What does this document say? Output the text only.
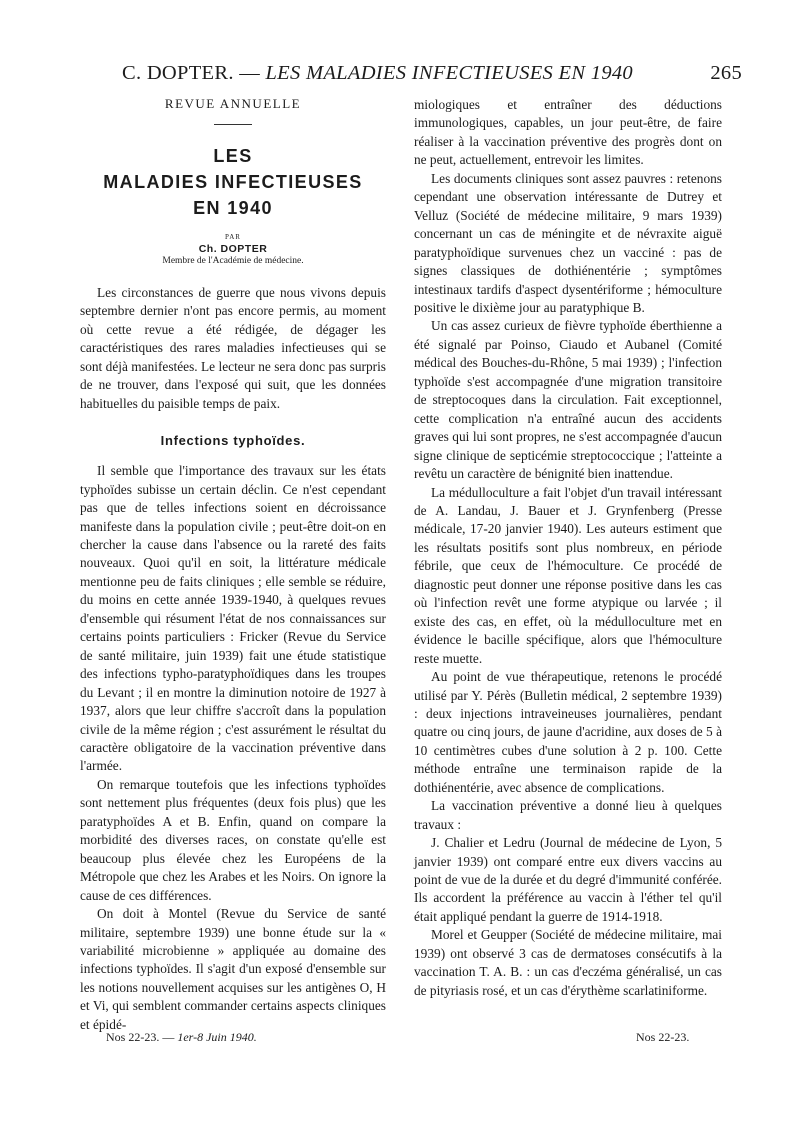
C. DOPTER. — LES MALADIES INFECTIEUSES EN 1940	265

REVUE ANNUELLE

LES

MALADIES INFECTIEUSES

EN 1940

PAR

Ch. DOPTER

Membre de l'Académie de médecine.

Les circonstances de guerre que nous vivons depuis septembre dernier n'ont pas encore permis, au moment où cette revue a été rédigée, de dégager les caractéristiques des rares maladies infectieuses qui se sont déjà manifestées. Le lecteur ne sera donc pas surpris de ne trouver, dans l'exposé qui suit, que les données habituelles du paisible temps de paix.

Infections typhoïdes.

Il semble que l'importance des travaux sur les états typhoïdes subisse un certain déclin. Ce n'est cependant pas que de telles infections soient en décroissance manifeste dans la population civile ; peut-être doit-on en chercher la cause dans l'absence ou la rareté des faits nouveaux. Quoi qu'il en soit, la littérature médicale mentionne peu de faits cliniques ; elle semble se réduire, du moins en cette année 1939-1940, à quelques revues d'ensemble qui résument l'état de nos connaissances sur certains points particuliers : Fricker (Revue du Service de santé militaire, juin 1939) fait une étude statistique des infections typho-paratyphoïdiques dans les troupes du Levant ; il en montre la diminution notoire de 1927 à 1937, alors que leur chiffre s'accroît dans la population civile de la même région ; c'est assurément le résultat du caractère obligatoire de la vaccination préventive dans l'armée.

On remarque toutefois que les infections typhoïdes sont nettement plus fréquentes (deux fois plus) que les paratyphoïdes A et B. Enfin, quand on compare la morbidité des diverses races, on constate qu'elle est beaucoup plus élevée chez les Européens de la Métropole que chez les Arabes et les Noirs. On ignore la cause de ces différences.

On doit à Montel (Revue du Service de santé militaire, septembre 1939) une bonne étude sur la « variabilité microbienne » appliquée au domaine des infections typhoïdes. Il s'agit d'un exposé d'ensemble sur les notions nouvellement acquises sur les antigènes O, H et Vi, qui semblent commander certains aspects cliniques et épidé-

miologiques et entraîner des déductions immunologiques, capables, un jour peut-être, de faire réaliser à la vaccination préventive des progrès dont on ne peut, actuellement, entrevoir les limites.

Les documents cliniques sont assez pauvres : retenons cependant une observation intéressante de Dutrey et Velluz (Société de médecine militaire, 9 mars 1939) concernant un cas de méningite et de névraxite aiguë paratyphoïdique survenues chez un vacciné : pas de signes classiques de dothiénentérie ; symptômes intestinaux tardifs d'aspect dysentériforme ; hémoculture positive le dixième jour au paratyphique B.

Un cas assez curieux de fièvre typhoïde éberthienne a été signalé par Poinso, Ciaudo et Aubanel (Comité médical des Bouches-du-Rhône, 5 mai 1939) ; l'infection typhoïde s'est accompagnée d'une migration transitoire de streptocoques dans la circulation. Fait exceptionnel, cette complication n'a entraîné aucun des accidents graves qui lui sont propres, ne s'est accompagnée d'aucun signe clinique de septicémie streptococcique ; l'atteinte a revêtu un caractère de bénignité bien inattendue.

La médulloculture a fait l'objet d'un travail intéressant de A. Landau, J. Bauer et J. Grynfenberg (Presse médicale, 17-20 janvier 1940). Les auteurs estiment que les résultats positifs sont plus nombreux, en période fébrile, que ceux de l'hémoculture. Ce procédé de diagnostic peut donner une réponse positive dans les cas où l'infection revêt une forme atypique ou larvée ; il existe des cas, en effet, où la médulloculture met en évidence le bacille spécifique, alors que l'hémoculture reste muette.

Au point de vue thérapeutique, retenons le procédé utilisé par Y. Pérès (Bulletin médical, 2 septembre 1939) : deux injections intraveineuses journalières, pendant quatre ou cinq jours, de jaune d'acridine, aux doses de 5 à 10 centimètres cubes d'une solution à 2 p. 100. Cette méthode entraîne une terminaison rapide de la dothiénentérie, avec absence de complications.

La vaccination préventive a donné lieu à quelques travaux :

J. Chalier et Ledru (Journal de médecine de Lyon, 5 janvier 1939) ont comparé entre eux divers vaccins au point de vue de la durée et du degré d'immunité conférée. Ils accordent la préférence au vaccin à l'éther tel qu'il était appliqué pendant la guerre de 1914-1918.

Morel et Geupper (Société de médecine militaire, mai 1939) ont observé 3 cas de dermatoses consécutifs à la vaccination T. A. B. : un cas d'eczéma généralisé, un cas de pityriasis rosé, et un cas d'érythème scarlatiniforme.

Nos 22-23. — 1er-8 Juin 1940.	Nos 22-23.
